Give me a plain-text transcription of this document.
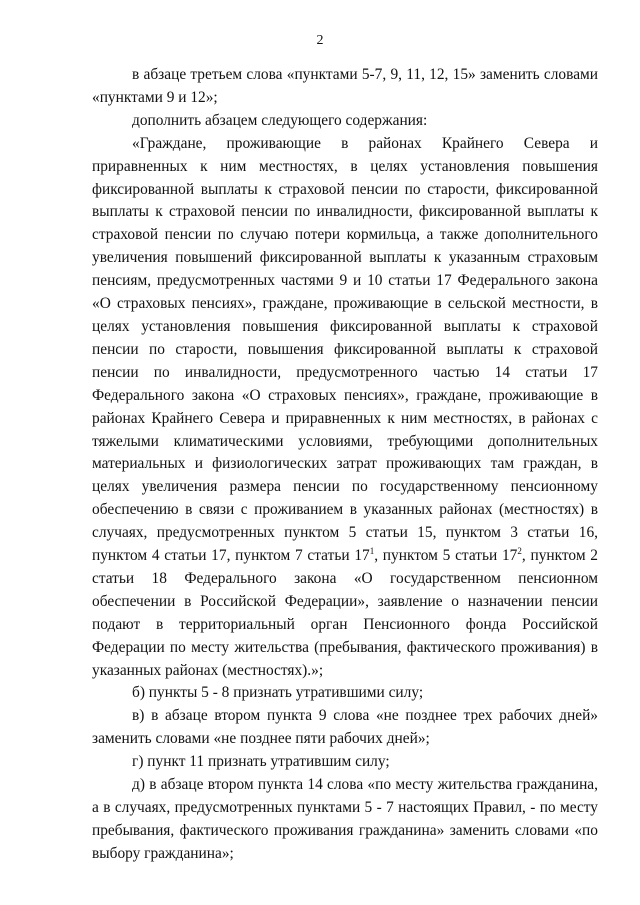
2

в абзаце третьем слова «пунктами 5-7, 9, 11, 12, 15» заменить словами «пунктами 9 и 12»;

дополнить абзацем следующего содержания:

«Граждане, проживающие в районах Крайнего Севера и приравненных к ним местностях, в целях установления повышения фиксированной выплаты к страховой пенсии по старости, фиксированной выплаты к страховой пенсии по инвалидности, фиксированной выплаты к страховой пенсии по случаю потери кормильца, а также дополнительного увеличения повышений фиксированной выплаты к указанным страховым пенсиям, предусмотренных частями 9 и 10 статьи 17 Федерального закона «О страховых пенсиях», граждане, проживающие в сельской местности, в целях установления повышения фиксированной выплаты к страховой пенсии по старости, повышения фиксированной выплаты к страховой пенсии по инвалидности, предусмотренного частью 14 статьи 17 Федерального закона «О страховых пенсиях», граждане, проживающие в районах Крайнего Севера и приравненных к ним местностях, в районах с тяжелыми климатическими условиями, требующими дополнительных материальных и физиологических затрат проживающих там граждан, в целях увеличения размера пенсии по государственному пенсионному обеспечению в связи с проживанием в указанных районах (местностях) в случаях, предусмотренных пунктом 5 статьи 15, пунктом 3 статьи 16, пунктом 4 статьи 17, пунктом 7 статьи $17^1$, пунктом 5 статьи $17^2$, пунктом 2 статьи 18 Федерального закона «О государственном пенсионном обеспечении в Российской Федерации», заявление о назначении пенсии подают в территориальный орган Пенсионного фонда Российской Федерации по месту жительства (пребывания, фактического проживания) в указанных районах (местностях).»;

б) пункты 5 - 8 признать утратившими силу;

в) в абзаце втором пункта 9 слова «не позднее трех рабочих дней» заменить словами «не позднее пяти рабочих дней»;

г) пункт 11 признать утратившим силу;

д) в абзаце втором пункта 14 слова «по месту жительства гражданина, а в случаях, предусмотренных пунктами 5 - 7 настоящих Правил, - по месту пребывания, фактического проживания гражданина» заменить словами «по выбору гражданина»;
